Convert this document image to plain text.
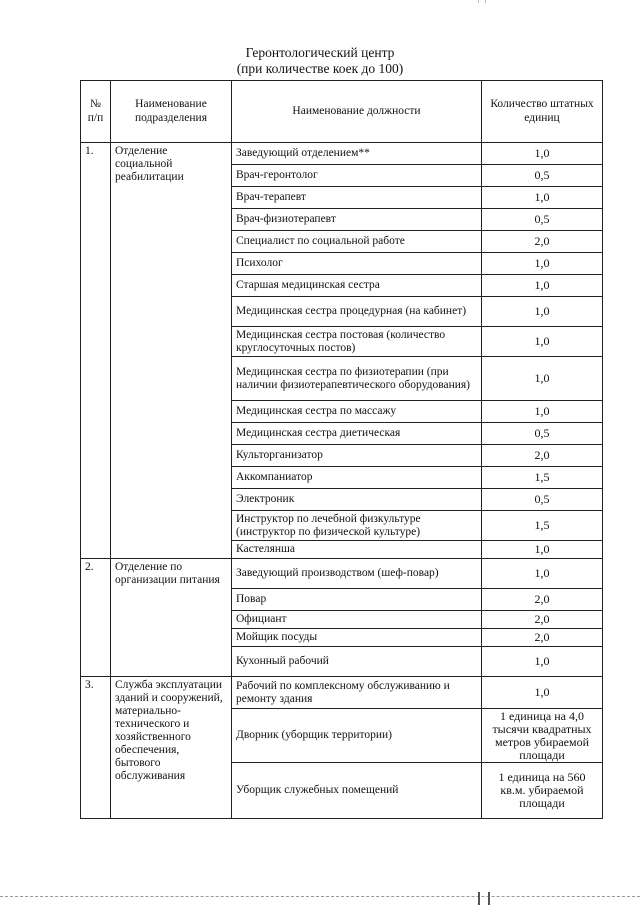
Геронтологический центр
(при количестве коек до 100)
№ п/п	Наименование подразделения	Наименование должности	Количество штатных единиц
1.	Отделение социальной реабилитации	Заведующий отделением**	1,0
		Врач-геронтолог	0,5
		Врач-терапевт	1,0
		Врач-физиотерапевт	0,5
		Специалист по социальной работе	2,0
		Психолог	1,0
		Старшая медицинская сестра	1,0
		Медицинская сестра процедурная (на кабинет)	1,0
		Медицинская сестра постовая (количество круглосуточных постов)	1,0
		Медицинская сестра по физиотерапии (при наличии физиотерапевтического оборудования)	1,0
		Медицинская сестра по массажу	1,0
		Медицинская сестра диетическая	0,5
		Культорганизатор	2,0
		Аккомпаниатор	1,5
		Электроник	0,5
		Инструктор по лечебной физкультуре (инструктор по физической культуре)	1,5
		Кастелянша	1,0
2.	Отделение по организации питания	Заведующий производством (шеф-повар)	1,0
		Повар	2,0
		Официант	2,0
		Мойщик посуды	2,0
		Кухонный рабочий	1,0
3.	Служба эксплуатации зданий и сооружений, материально-технического и хозяйственного обеспечения, бытового обслуживания	Рабочий по комплексному обслуживанию и ремонту здания	1,0
		Дворник (уборщик территории)	1 единица на 4,0 тысячи квадратных метров убираемой площади
		Уборщик служебных помещений	1 единица на 560 кв.м. убираемой площади
